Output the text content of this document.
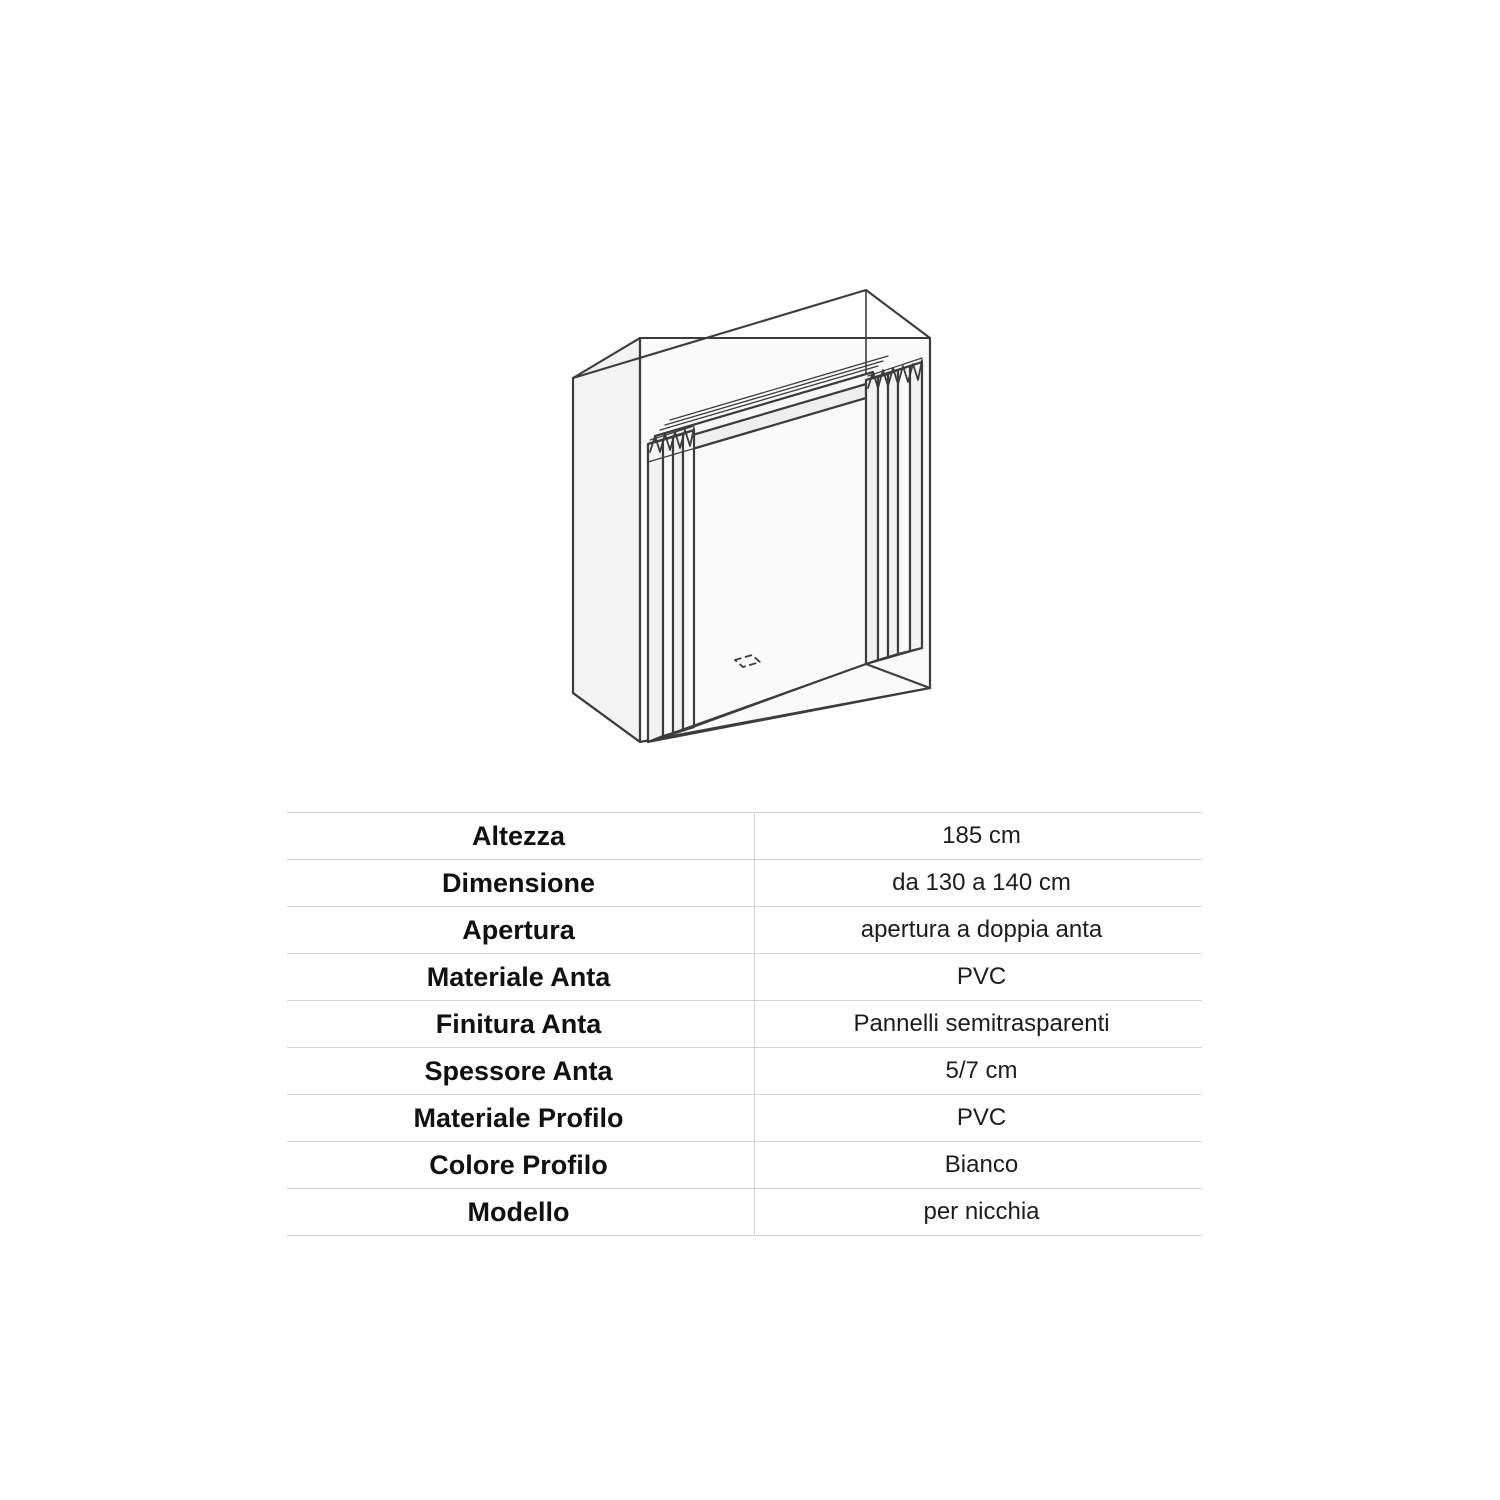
Altezza	185 cm
Dimensione	da 130 a 140 cm
Apertura	apertura a doppia anta
Materiale Anta	PVC
Finitura Anta	Pannelli semitrasparenti
Spessore Anta	5/7 cm
Materiale Profilo	PVC
Colore Profilo	Bianco
Modello	per nicchia
